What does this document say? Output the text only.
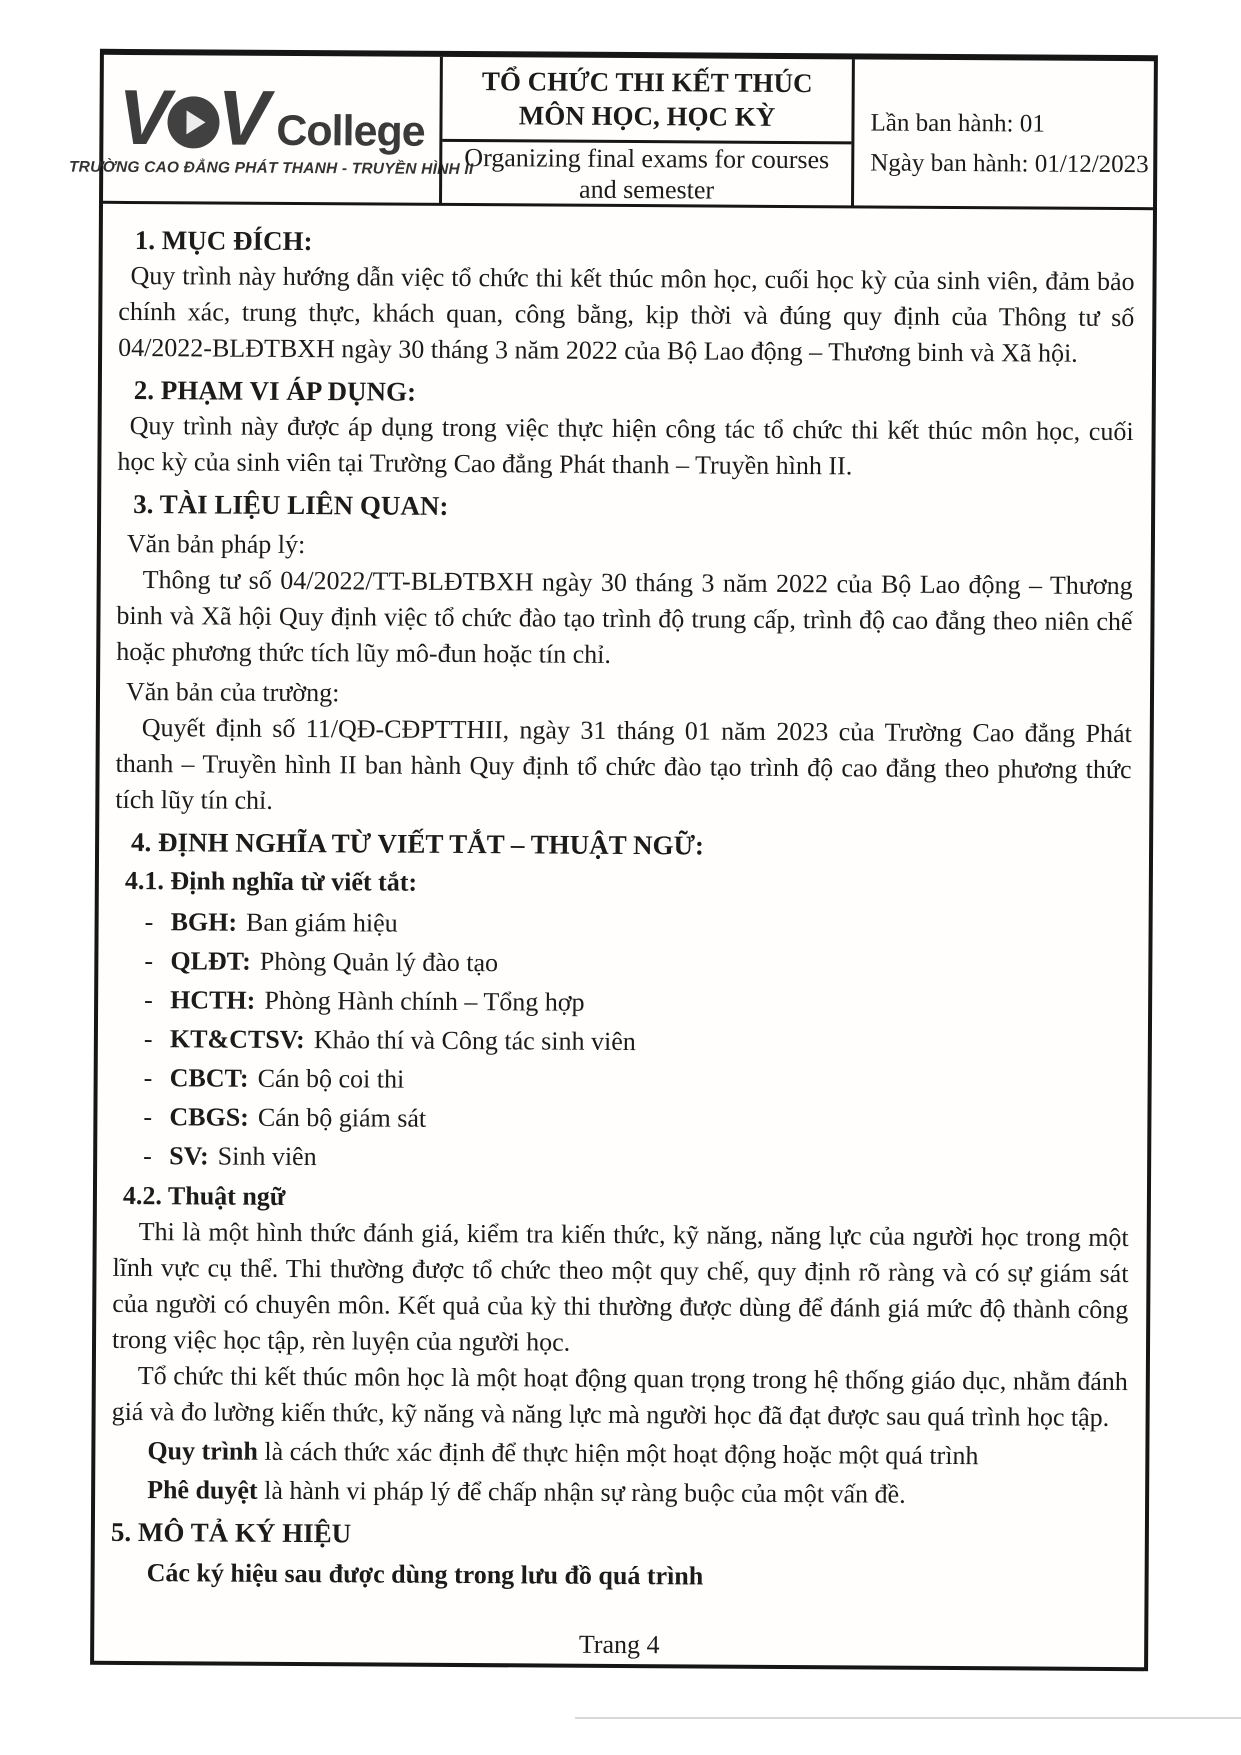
V V College
TRƯỜNG CAO ĐẲNG PHÁT THANH - TRUYỀN HÌNH II
TỔ CHỨC THI KẾT THÚC
MÔN HỌC, HỌC KỲ
Organizing final exams for courses
and semester
Lần ban hành: 01
Ngày ban hành: 01/12/2023
1. MỤC ĐÍCH:

Quy trình này hướng dẫn việc tổ chức thi kết thúc môn học, cuối học kỳ của sinh viên, đảm bảo chính xác, trung thực, khách quan, công bằng, kịp thời và đúng quy định của Thông tư số 04/2022-BLĐTBXH ngày 30 tháng 3 năm 2022 của Bộ Lao động – Thương binh và Xã hội.

2. PHẠM VI ÁP DỤNG:

Quy trình này được áp dụng trong việc thực hiện công tác tổ chức thi kết thúc môn học, cuối học kỳ của sinh viên tại Trường Cao đẳng Phát thanh – Truyền hình II.

3. TÀI LIỆU LIÊN QUAN:
Văn bản pháp lý:

Thông tư số 04/2022/TT-BLĐTBXH ngày 30 tháng 3 năm 2022 của Bộ Lao động – Thương binh và Xã hội Quy định việc tổ chức đào tạo trình độ trung cấp, trình độ cao đẳng theo niên chế hoặc phương thức tích lũy mô-đun hoặc tín chỉ.

Văn bản của trường:

Quyết định số 11/QĐ-CĐPTTHII, ngày 31 tháng 01 năm 2023 của Trường Cao đẳng Phát thanh – Truyền hình II ban hành Quy định tổ chức đào tạo trình độ cao đẳng theo phương thức tích lũy tín chỉ.

4. ĐỊNH NGHĨA TỪ VIẾT TẮT – THUẬT NGỮ:
4.1. Định nghĩa từ viết tắt:
- BGH: Ban giám hiệu
- QLĐT: Phòng Quản lý đào tạo
- HCTH: Phòng Hành chính – Tổng hợp
- KT&CTSV: Khảo thí và Công tác sinh viên
- CBCT: Cán bộ coi thi
- CBGS: Cán bộ giám sát
- SV: Sinh viên
4.2. Thuật ngữ

Thi là một hình thức đánh giá, kiểm tra kiến thức, kỹ năng, năng lực của người học trong một lĩnh vực cụ thể. Thi thường được tổ chức theo một quy chế, quy định rõ ràng và có sự giám sát của người có chuyên môn. Kết quả của kỳ thi thường được dùng để đánh giá mức độ thành công trong việc học tập, rèn luyện của người học.

Tổ chức thi kết thúc môn học là một hoạt động quan trọng trong hệ thống giáo dục, nhằm đánh giá và đo lường kiến thức, kỹ năng và năng lực mà người học đã đạt được sau quá trình học tập.

Quy trình là cách thức xác định để thực hiện một hoạt động hoặc một quá trình
Phê duyệt là hành vi pháp lý để chấp nhận sự ràng buộc của một vấn đề.
5. MÔ TẢ KÝ HIỆU
Các ký hiệu sau được dùng trong lưu đồ quá trình
Trang 4
